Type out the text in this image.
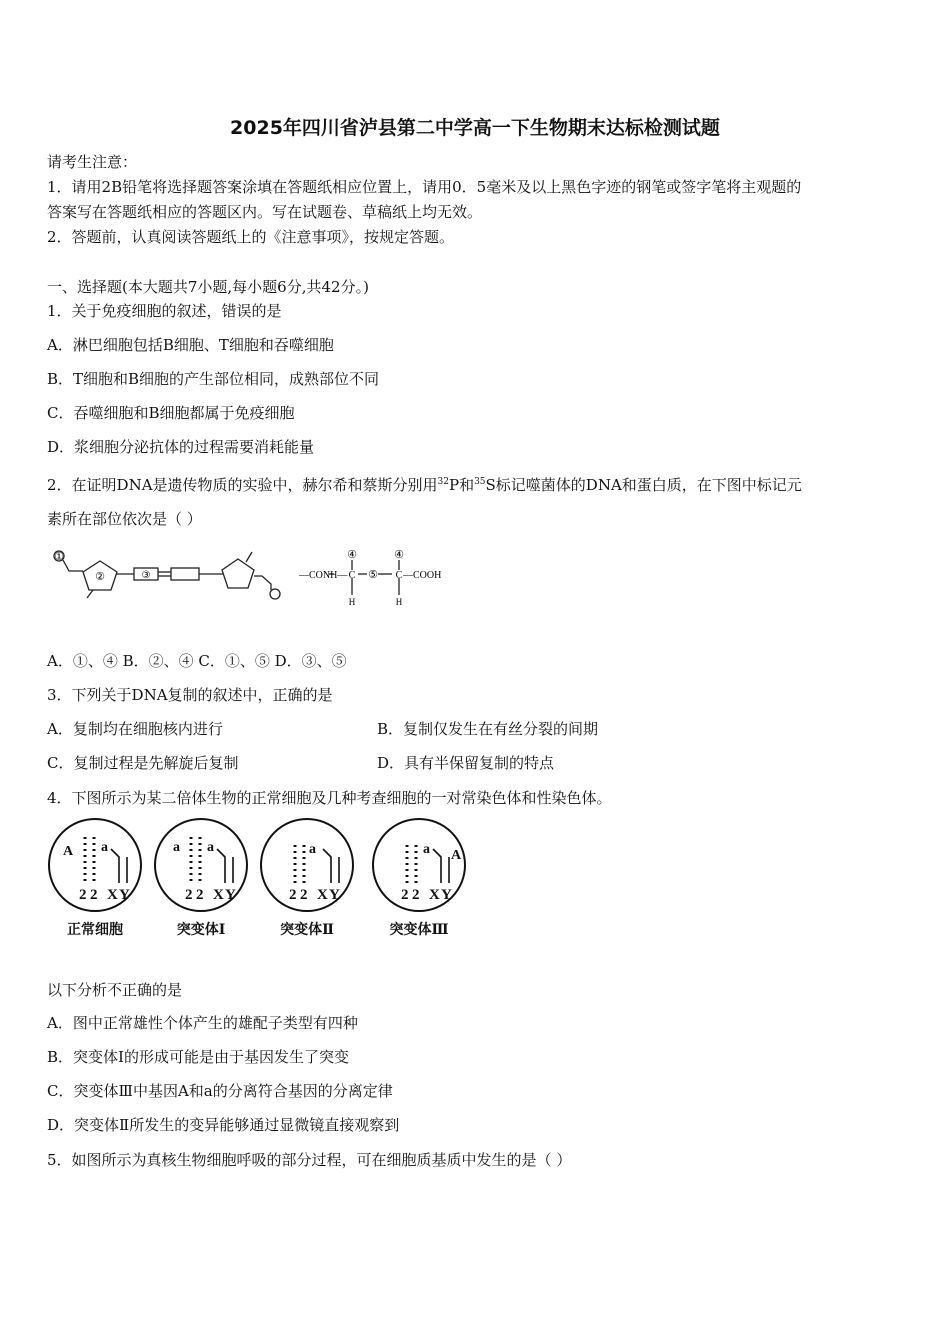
2025年四川省泸县第二中学高一下生物期末达标检测试题
请考生注意：
1．请用2B铅笔将选择题答案涂填在答题纸相应位置上，请用0．5毫米及以上黑色字迹的钢笔或签字笔将主观题的
答案写在答题纸相应的答题区内。写在试题卷、草稿纸上均无效。
2．答题前，认真阅读答题纸上的《注意事项》，按规定答题。
一、选择题(本大题共7小题,每小题6分,共42分。)
1．关于免疫细胞的叙述，错误的是
A．淋巴细胞包括B细胞、T细胞和吞噬细胞
B．T细胞和B细胞的产生部位相同，成熟部位不同
C．吞噬细胞和B细胞都属于免疫细胞
D．浆细胞分泌抗体的过程需要消耗能量
2．在证明DNA是遗传物质的实验中，赫尔希和蔡斯分别用$^{32}$P和$^{35}$S标记噬菌体的DNA和蛋白质，在下图中标记元
素所在部位依次是（ ）
①
②	③	—CONH—
④
C
H
⑤
④
C
H
—COOH
A．①、④ B．②、④ C．①、⑤ D．③、⑤
3．下列关于DNA复制的叙述中，正确的是
A．复制均在细胞核内进行	B．复制仅发生在有丝分裂的间期
C．复制过程是先解旋后复制	D．具有半保留复制的特点
4．下图所示为某二倍体生物的正常细胞及几种考查细胞的一对常染色体和性染色体。
A a	a a	a	a A
2 2 X Y	2 2 X Y	2 2 X Y	2 2 X Y
正常细胞	突变体Ⅰ	突变体Ⅱ	突变体Ⅲ
以下分析不正确的是
A．图中正常雄性个体产生的雄配子类型有四种
B．突变体Ⅰ的形成可能是由于基因发生了突变
C．突变体Ⅲ中基因A和a的分离符合基因的分离定律
D．突变体Ⅱ所发生的变异能够通过显微镜直接观察到
5．如图所示为真核生物细胞呼吸的部分过程，可在细胞质基质中发生的是（ ）
